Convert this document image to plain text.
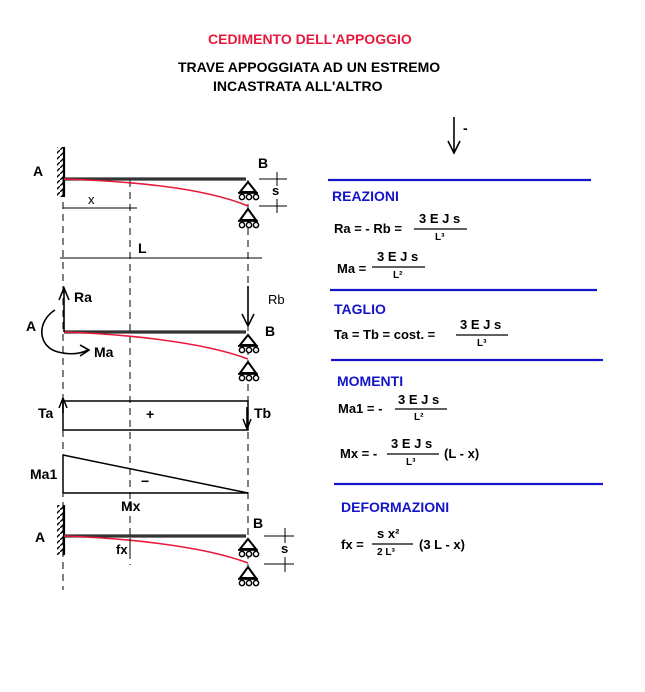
CEDIMENTO DELL'APPOGGIO
TRAVE APPOGGIATA AD UN ESTREMO
INCASTRATA ALL'ALTRO
-
A	B
s
x
L
Ra	Rb
A	B
Ma
Ta	Tb
+
Ma1	−
Mx
A
B
s
fx
REAZIONI
Ra = - Rb =
3 E J s
L³
Ma =
3 E J s
L²
TAGLIO
Ta = Tb = cost. =
3 E J s
L³
MOMENTI
Ma1 = -
3 E J s
L²
Mx = -
3 E J s
L³
(L - x)
DEFORMAZIONI
fx =
s x²
2 L³
(3 L - x)
